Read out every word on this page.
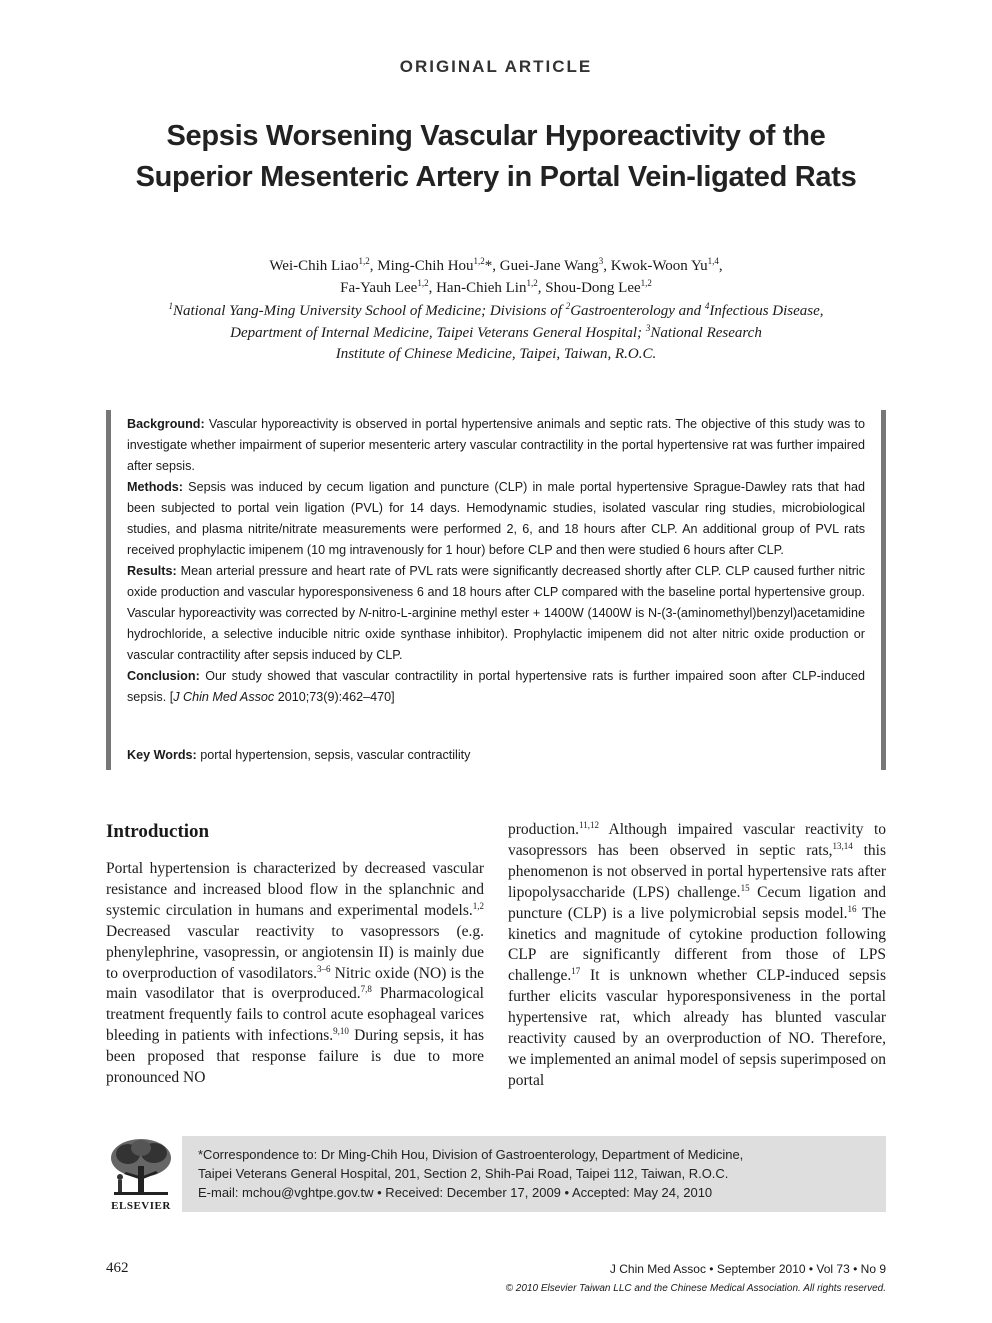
ORIGINAL ARTICLE
Sepsis Worsening Vascular Hyporeactivity of the Superior Mesenteric Artery in Portal Vein-ligated Rats
Wei-Chih Liao$^{1,2}$, Ming-Chih Hou$^{1,2}$*, Guei-Jane Wang$^3$, Kwok-Woon Yu$^{1,4}$,
Fa-Yauh Lee$^{1,2}$, Han-Chieh Lin$^{1,2}$, Shou-Dong Lee$^{1,2}$
$^1$National Yang-Ming University School of Medicine; Divisions of $^2$Gastroenterology and $^4$Infectious Disease,
Department of Internal Medicine, Taipei Veterans General Hospital; $^3$National Research
Institute of Chinese Medicine, Taipei, Taiwan, R.O.C.

Background: Vascular hyporeactivity is observed in portal hypertensive animals and septic rats. The objective of this study was to investigate whether impairment of superior mesenteric artery vascular contractility in the portal hypertensive rat was further impaired after sepsis.

Methods: Sepsis was induced by cecum ligation and puncture (CLP) in male portal hypertensive Sprague-Dawley rats that had been subjected to portal vein ligation (PVL) for 14 days. Hemodynamic studies, isolated vascular ring studies, microbiological studies, and plasma nitrite/nitrate measurements were performed 2, 6, and 18 hours after CLP. An additional group of PVL rats received prophylactic imipenem (10 mg intravenously for 1 hour) before CLP and then were studied 6 hours after CLP.

Results: Mean arterial pressure and heart rate of PVL rats were significantly decreased shortly after CLP. CLP caused further nitric oxide production and vascular hyporesponsiveness 6 and 18 hours after CLP compared with the baseline portal hypertensive group. Vascular hyporeactivity was corrected by N-nitro-L-arginine methyl ester + 1400W (1400W is N-(3-(aminomethyl)benzyl)acetamidine hydrochloride, a selective inducible nitric oxide synthase inhibitor). Prophylactic imipenem did not alter nitric oxide production or vascular contractility after sepsis induced by CLP.

Conclusion: Our study showed that vascular contractility in portal hypertensive rats is further impaired soon after CLP-induced sepsis. [J Chin Med Assoc 2010;73(9):462–470]

Key Words: portal hypertension, sepsis, vascular contractility
Introduction

Portal hypertension is characterized by decreased vascular resistance and increased blood flow in the splanchnic and systemic circulation in humans and experimental models.$^{1,2}$ Decreased vascular reactivity to vasopressors (e.g. phenylephrine, vasopressin, or angiotensin II) is mainly due to overproduction of vasodilators.$^{3-6}$ Nitric oxide (NO) is the main vasodilator that is overproduced.$^{7,8}$ Pharmacological treatment frequently fails to control acute esophageal varices bleeding in patients with infections.$^{9,10}$ During sepsis, it has been proposed that response failure is due to more pronounced NO

production.$^{11,12}$ Although impaired vascular reactivity to vasopressors has been observed in septic rats,$^{13,14}$ this phenomenon is not observed in portal hypertensive rats after lipopolysaccharide (LPS) challenge.$^{15}$ Cecum ligation and puncture (CLP) is a live polymicrobial sepsis model.$^{16}$ The kinetics and magnitude of cytokine production following CLP are significantly different from those of LPS challenge.$^{17}$ It is unknown whether CLP-induced sepsis further elicits vascular hyporesponsiveness in the portal hypertensive rat, which already has blunted vascular reactivity caused by an overproduction of NO. Therefore, we implemented an animal model of sepsis superimposed on portal

ELSEVIER
*Correspondence to: Dr Ming-Chih Hou, Division of Gastroenterology, Department of Medicine,
Taipei Veterans General Hospital, 201, Section 2, Shih-Pai Road, Taipei 112, Taiwan, R.O.C.
E-mail: mchou@vghtpe.gov.tw • Received: December 17, 2009 • Accepted: May 24, 2010
462	J Chin Med Assoc • September 2010 • Vol 73 • No 9
© 2010 Elsevier Taiwan LLC and the Chinese Medical Association. All rights reserved.
